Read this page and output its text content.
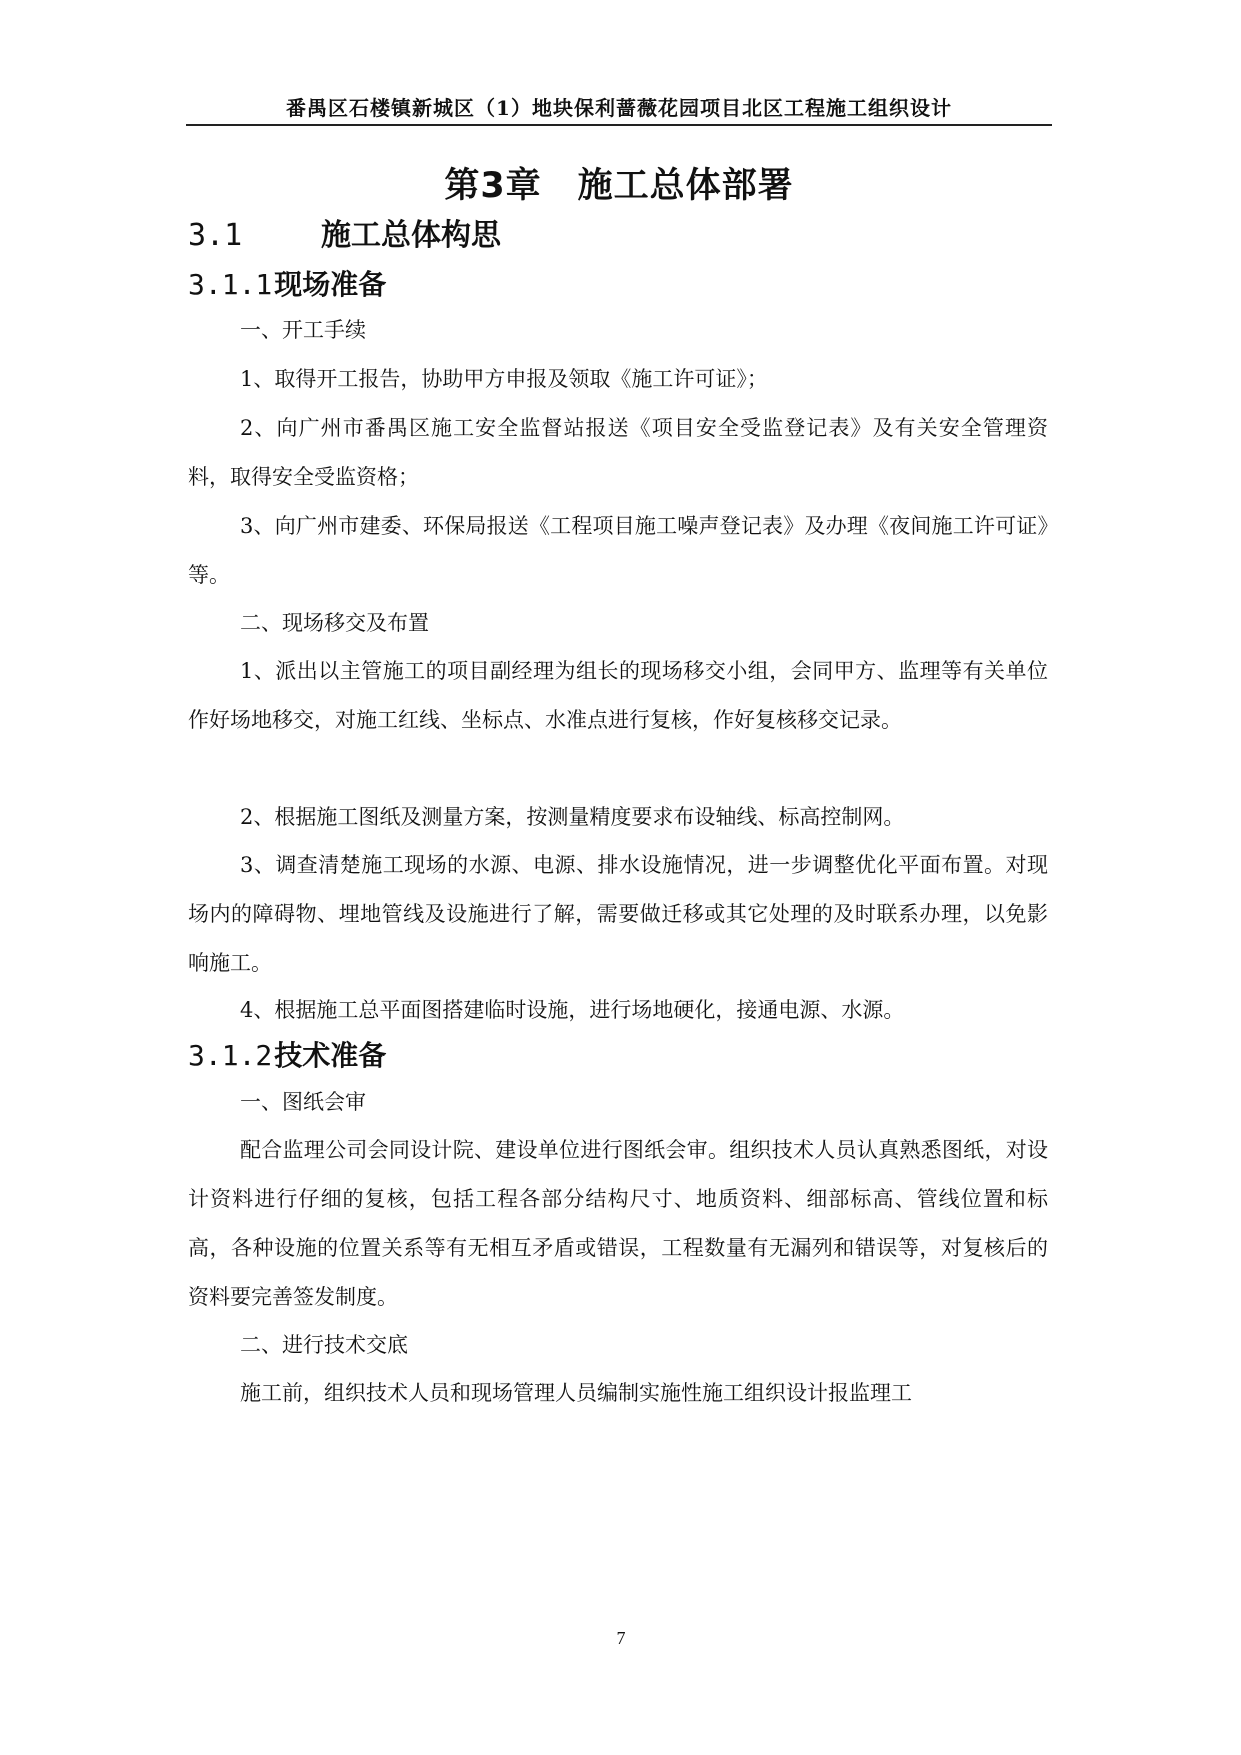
番禺区石楼镇新城区（1）地块保利蔷薇花园项目北区工程施工组织设计
第3章 施工总体部署
3.1	施工总体构思
3.1.1现场准备

一、开工手续

1、取得开工报告，协助甲方申报及领取《施工许可证》；

2、向广州市番禺区施工安全监督站报送《项目安全受监登记表》及有关安全管理资料，取得安全受监资格；

3、向广州市建委、环保局报送《工程项目施工噪声登记表》及办理《夜间施工许可证》等。

二、现场移交及布置

1、派出以主管施工的项目副经理为组长的现场移交小组，会同甲方、监理等有关单位作好场地移交，对施工红线、坐标点、水准点进行复核，作好复核移交记录。

2、根据施工图纸及测量方案，按测量精度要求布设轴线、标高控制网。

3、调查清楚施工现场的水源、电源、排水设施情况，进一步调整优化平面布置。对现场内的障碍物、埋地管线及设施进行了解，需要做迁移或其它处理的及时联系办理，以免影响施工。

4、根据施工总平面图搭建临时设施，进行场地硬化，接通电源、水源。

3.1.2技术准备

一、图纸会审

配合监理公司会同设计院、建设单位进行图纸会审。组织技术人员认真熟悉图纸，对设计资料进行仔细的复核，包括工程各部分结构尺寸、地质资料、细部标高、管线位置和标高，各种设施的位置关系等有无相互矛盾或错误，工程数量有无漏列和错误等，对复核后的资料要完善签发制度。

二、进行技术交底

施工前，组织技术人员和现场管理人员编制实施性施工组织设计报监理工

7
